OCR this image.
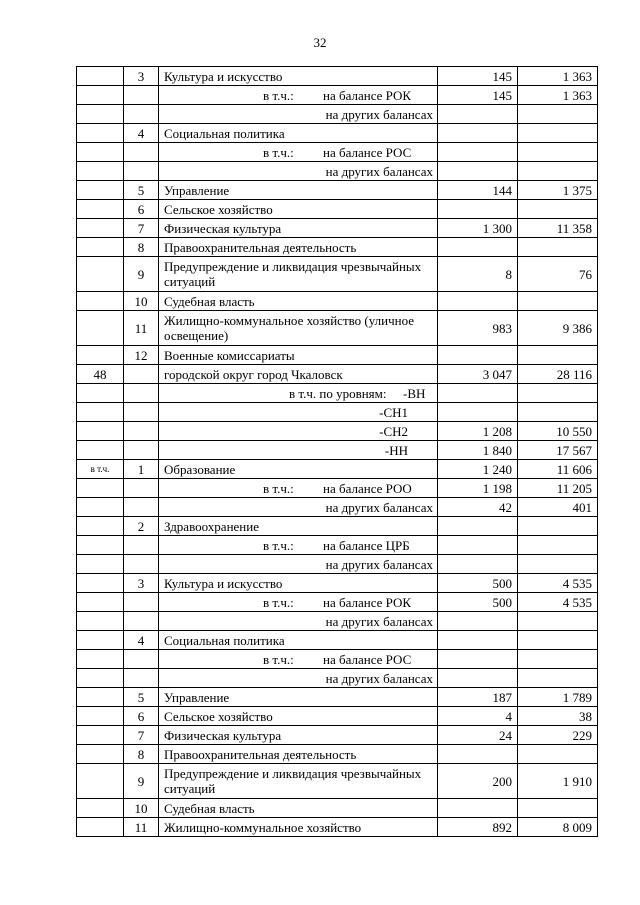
32
	3	Культура и искусство	145	1 363
		в т.ч.: на балансе РОК	145	1 363
		на других балансах		
	4	Социальная политика		
		в т.ч.: на балансе РОС		
		на других балансах		
	5	Управление	144	1 375
	6	Сельское хозяйство		
	7	Физическая культура	1 300	11 358
	8	Правоохранительная деятельность		
	9	Предупреждение и ликвидация чрезвычайных ситуаций	8	76
	10	Судебная власть		
	11	Жилищно-коммунальное хозяйство (уличное освещение)	983	9 386
	12	Военные комиссариаты		
48		городской округ город Чкаловск	3 047	28 116
		в т.ч. по уровням: -ВН		
		-СН1		
		-СН2	1 208	10 550
		-НН	1 840	17 567
в т.ч.	1	Образование	1 240	11 606
		в т.ч.: на балансе РОО	1 198	11 205
		на других балансах	42	401
	2	Здравоохранение		
		в т.ч.: на балансе ЦРБ		
		на других балансах		
	3	Культура и искусство	500	4 535
		в т.ч.: на балансе РОК	500	4 535
		на других балансах		
	4	Социальная политика		
		в т.ч.: на балансе РОС		
		на других балансах		
	5	Управление	187	1 789
	6	Сельское хозяйство	4	38
	7	Физическая культура	24	229
	8	Правоохранительная деятельность		
	9	Предупреждение и ликвидация чрезвычайных ситуаций	200	1 910
	10	Судебная власть		
	11	Жилищно-коммунальное хозяйство	892	8 009
